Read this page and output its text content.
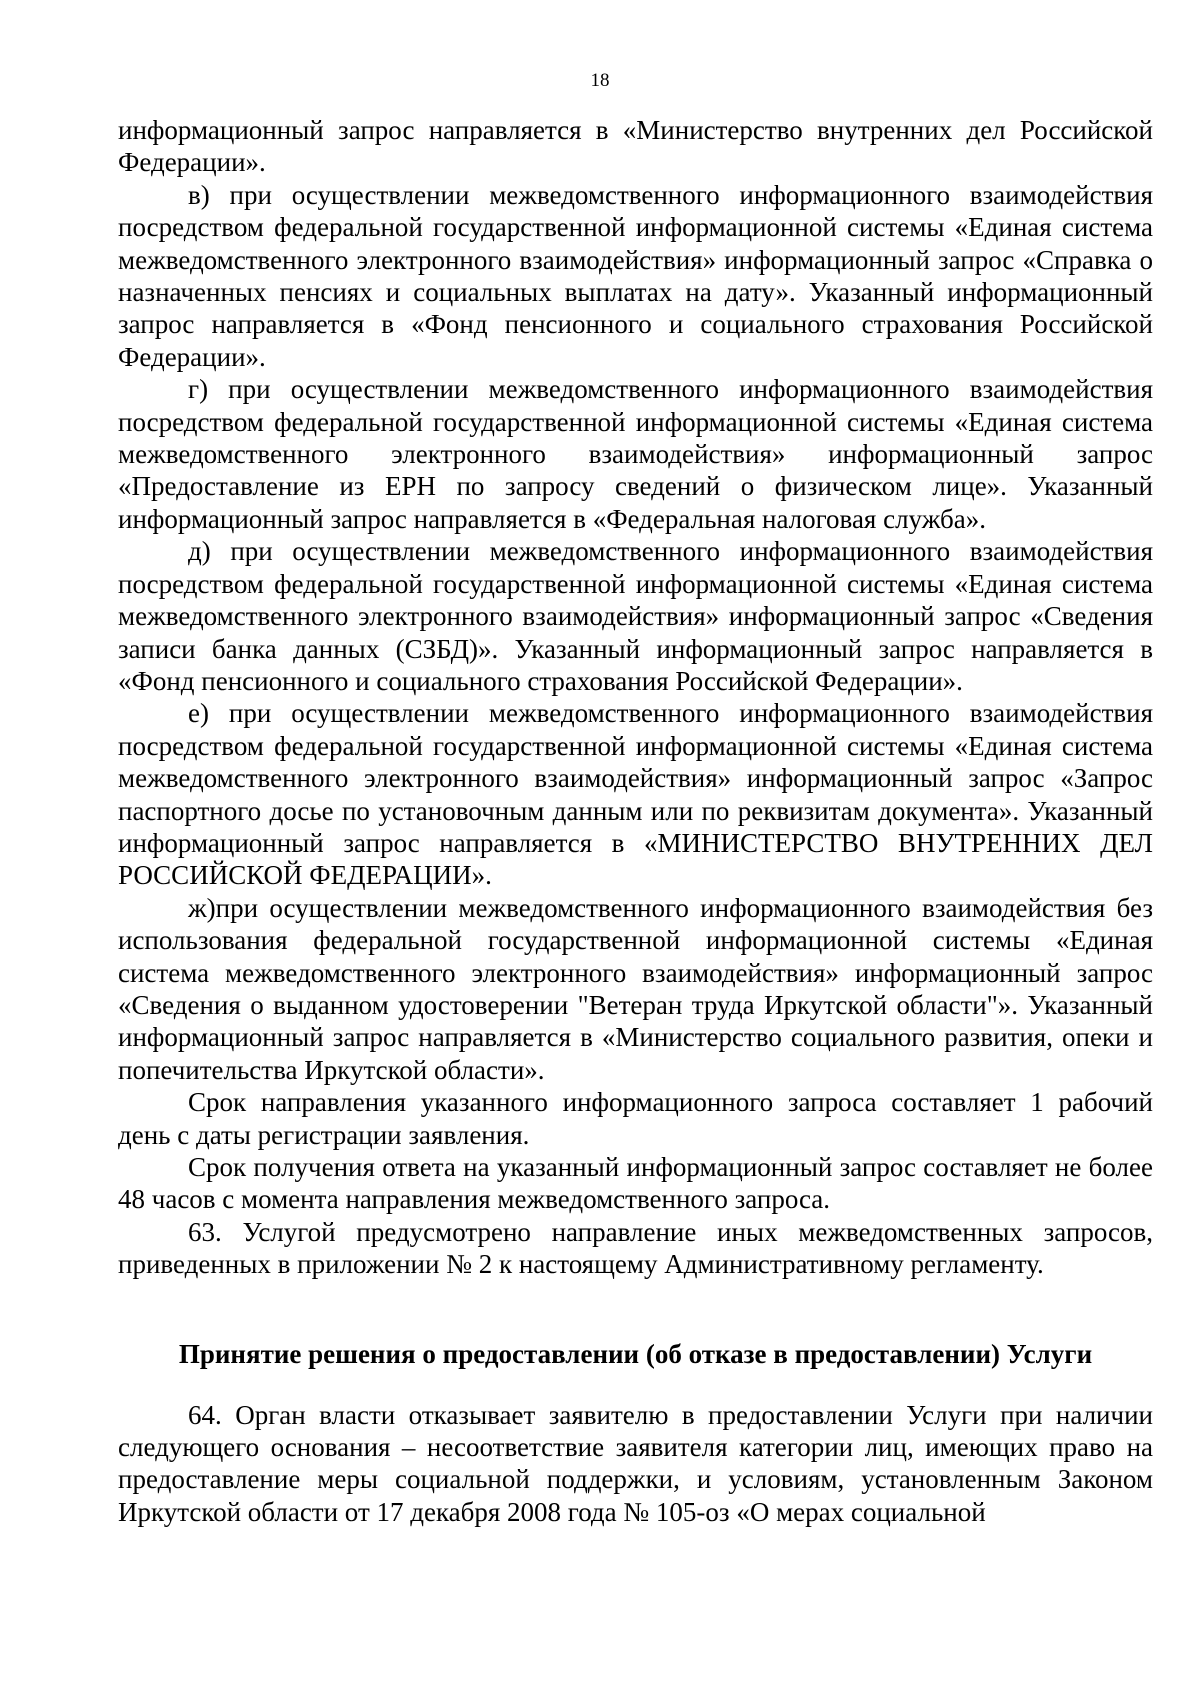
18

информационный запрос направляется в «Министерство внутренних дел Российской Федерации».

в) при осуществлении межведомственного информационного взаимодействия посредством федеральной государственной информационной системы «Единая система межведомственного электронного взаимодействия» информационный запрос «Справка о назначенных пенсиях и социальных выплатах на дату». Указанный информационный запрос направляется в «Фонд пенсионного и социального страхования Российской Федерации».

г) при осуществлении межведомственного информационного взаимодействия посредством федеральной государственной информационной системы «Единая система межведомственного электронного взаимодействия» информационный запрос «Предоставление из ЕРН по запросу сведений о физическом лице». Указанный информационный запрос направляется в «Федеральная налоговая служба».

д) при осуществлении межведомственного информационного взаимодействия посредством федеральной государственной информационной системы «Единая система межведомственного электронного взаимодействия» информационный запрос «Сведения записи банка данных (СЗБД)». Указанный информационный запрос направляется в «Фонд пенсионного и социального страхования Российской Федерации».

е) при осуществлении межведомственного информационного взаимодействия посредством федеральной государственной информационной системы «Единая система межведомственного электронного взаимодействия» информационный запрос «Запрос паспортного досье по установочным данным или по реквизитам документа». Указанный информационный запрос направляется в «МИНИСТЕРСТВО ВНУТРЕННИХ ДЕЛ РОССИЙСКОЙ ФЕДЕРАЦИИ».

ж)при осуществлении межведомственного информационного взаимодействия без использования федеральной государственной информационной системы «Единая система межведомственного электронного взаимодействия» информационный запрос «Сведения о выданном удостоверении "Ветеран труда Иркутской области"». Указанный информационный запрос направляется в «Министерство социального развития, опеки и попечительства Иркутской области».

Срок направления указанного информационного запроса составляет 1 рабочий день с даты регистрации заявления.

Срок получения ответа на указанный информационный запрос составляет не более 48 часов с момента направления межведомственного запроса.

63. Услугой предусмотрено направление иных межведомственных запросов, приведенных в приложении № 2 к настоящему Административному регламенту.

Принятие решения о предоставлении (об отказе в предоставлении) Услуги

64. Орган власти отказывает заявителю в предоставлении Услуги при наличии следующего основания – несоответствие заявителя категории лиц, имеющих право на предоставление меры социальной поддержки, и условиям, установленным Законом Иркутской области от 17 декабря 2008 года № 105-оз «О мерах социальной
